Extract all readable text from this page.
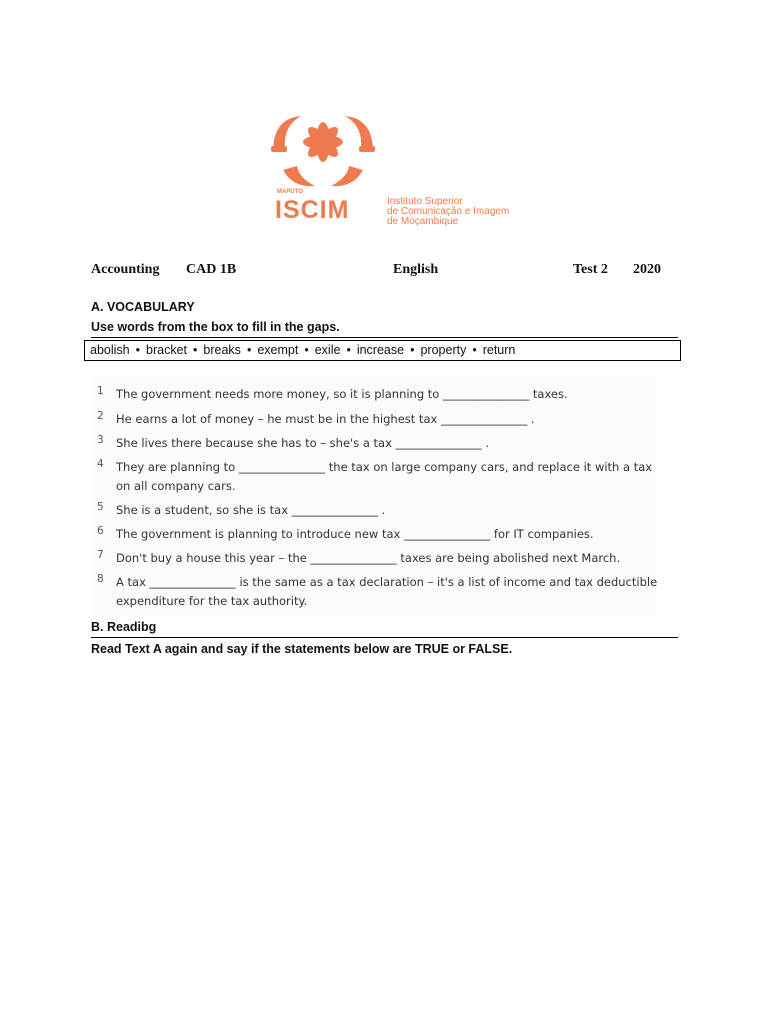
MAPUTO
ISCIM	Instituto Superior
de Comunicação e Imagem
de Moçambique
Accounting CAD 1B	English	Test 2 2020
A. VOCABULARY
Use words from the box to fill in the gaps.
abolish • bracket • breaks • exempt • exile • increase • property • return
1	The government needs more money, so it is planning to _______________ taxes.
2	He earns a lot of money – he must be in the highest tax _______________ .
3	She lives there because she has to – she's a tax _______________ .
4	They are planning to _______________ the tax on large company cars, and replace it with a tax
on all company cars.
5	She is a student, so she is tax _______________ .
6	The government is planning to introduce new tax _______________ for IT companies.
7	Don't buy a house this year – the _______________ taxes are being abolished next March.
8	A tax _______________ is the same as a tax declaration – it's a list of income and tax deductible
expenditure for the tax authority.
B. Readibg
Read Text A again and say if the statements below are TRUE or FALSE.
